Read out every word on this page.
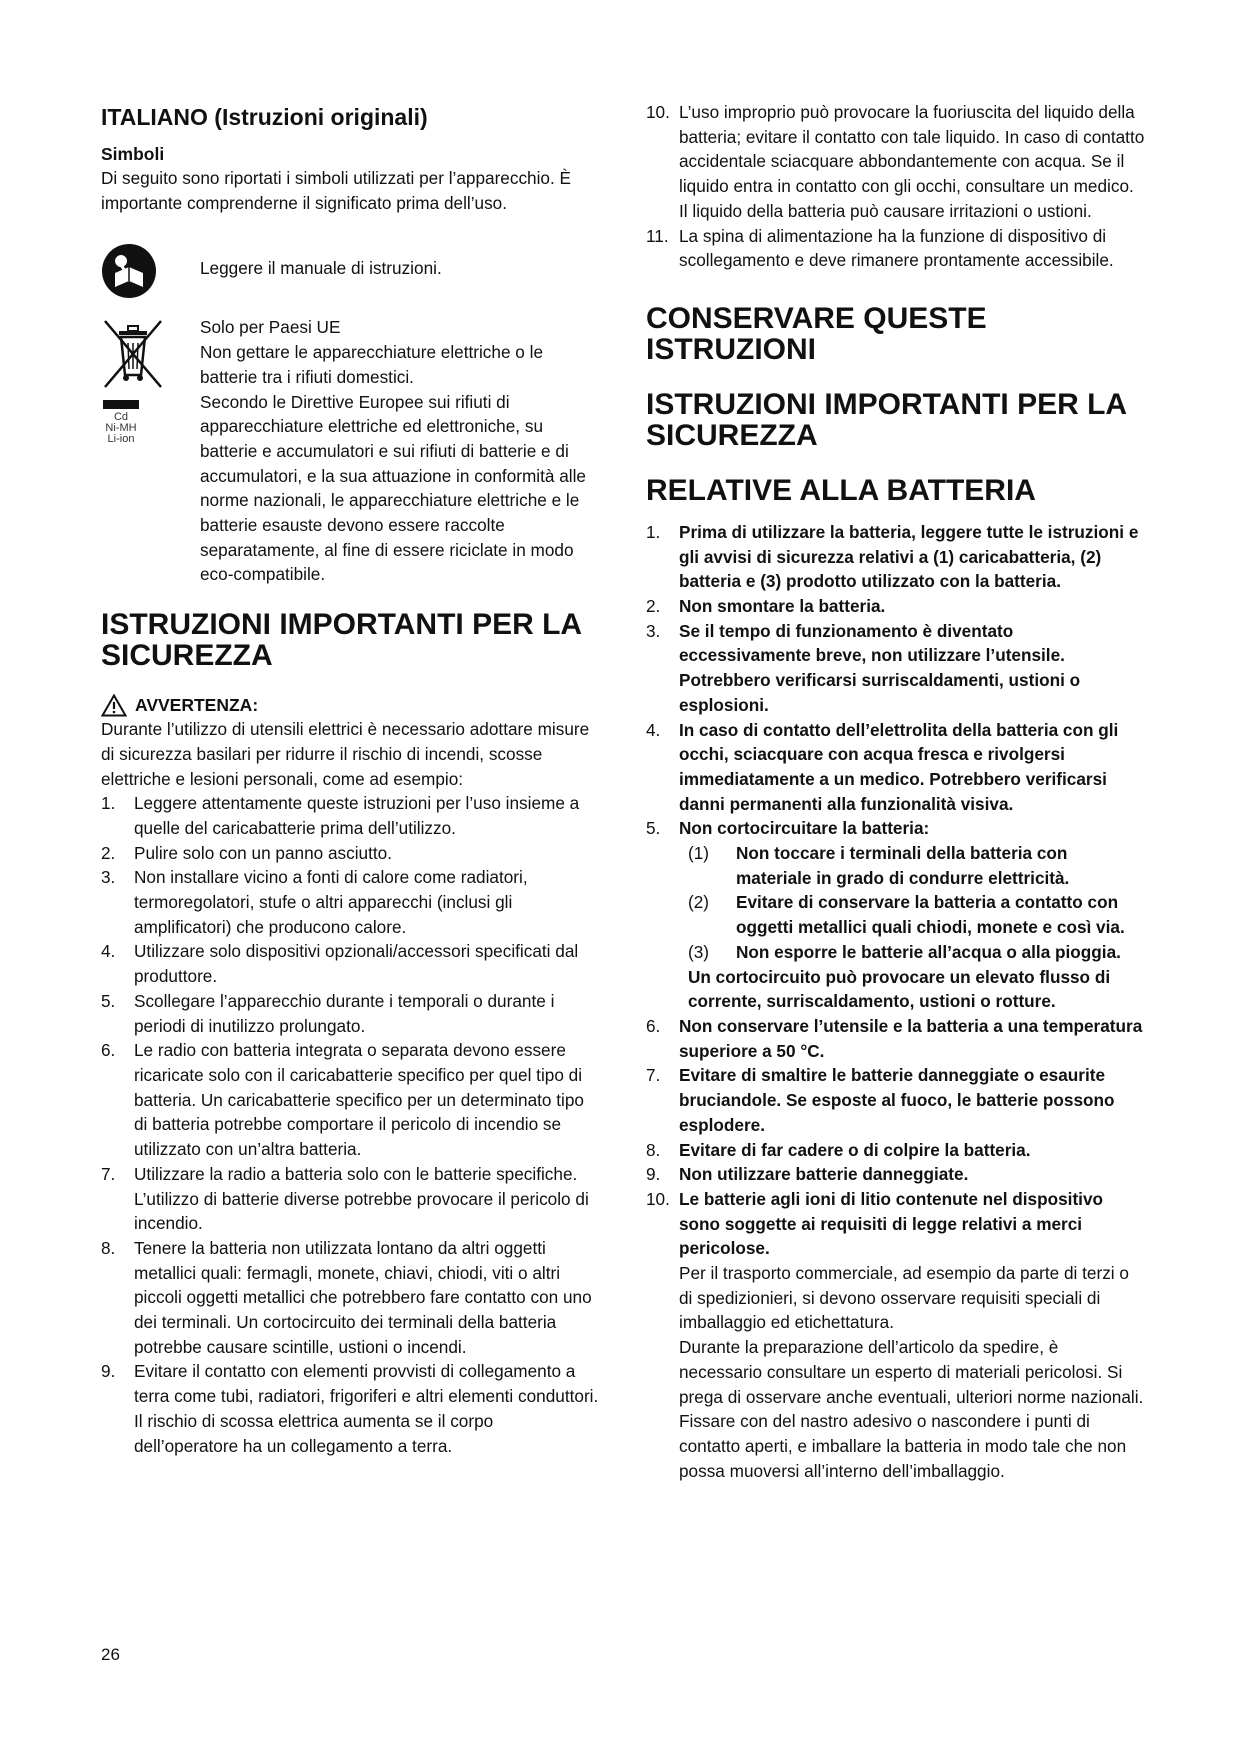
ITALIANO (Istruzioni originali)

Simboli

Di seguito sono riportati i simboli utilizzati per l’apparecchio. È importante comprenderne il significato prima dell’uso.

Leggere il manuale di istruzioni.

Cd
Ni-MH
Li-ion

Solo per Paesi UE

Non gettare le apparecchiature elettriche o le batterie tra i rifiuti domestici.

Secondo le Direttive Europee sui rifiuti di apparecchiature elettriche ed elettroniche, su batterie e accumulatori e sui rifiuti di batterie e di accumulatori, e la sua attuazione in conformità alle norme nazionali, le apparecchiature elettriche e le batterie esauste devono essere raccolte separatamente, al fine di essere riciclate in modo eco-compatibile.

ISTRUZIONI IMPORTANTI PER LA SICUREZZA
AVVERTENZA:

Durante l’utilizzo di utensili elettrici è necessario adottare misure di sicurezza basilari per ridurre il rischio di incendi, scosse elettriche e lesioni personali, come ad esempio:

1. Leggere attentamente queste istruzioni per l’uso insieme a quelle del caricabatterie prima dell’utilizzo.
2. Pulire solo con un panno asciutto.
3. Non installare vicino a fonti di calore come radiatori, termoregolatori, stufe o altri apparecchi (inclusi gli amplificatori) che producono calore.
4. Utilizzare solo dispositivi opzionali/accessori specificati dal produttore.
5. Scollegare l’apparecchio durante i temporali o durante i periodi di inutilizzo prolungato.
6. Le radio con batteria integrata o separata devono essere ricaricate solo con il caricabatterie specifico per quel tipo di batteria. Un caricabatterie specifico per un determinato tipo di batteria potrebbe comportare il pericolo di incendio se utilizzato con un’altra batteria.
7. Utilizzare la radio a batteria solo con le batterie specifiche. L’utilizzo di batterie diverse potrebbe provocare il pericolo di incendio.
8. Tenere la batteria non utilizzata lontano da altri oggetti metallici quali: fermagli, monete, chiavi, chiodi, viti o altri piccoli oggetti metallici che potrebbero fare contatto con uno dei terminali. Un cortocircuito dei terminali della batteria potrebbe causare scintille, ustioni o incendi.
9. Evitare il contatto con elementi provvisti di collegamento a terra come tubi, radiatori, frigoriferi e altri elementi conduttori. Il rischio di scossa elettrica aumenta se il corpo dell’operatore ha un collegamento a terra.
10. L’uso improprio può provocare la fuoriuscita del liquido della batteria; evitare il contatto con tale liquido. In caso di contatto accidentale sciacquare abbondantemente con acqua. Se il liquido entra in contatto con gli occhi, consultare un medico. Il liquido della batteria può causare irritazioni o ustioni.
11. La spina di alimentazione ha la funzione di dispositivo di scollegamento e deve rimanere prontamente accessibile.
CONSERVARE QUESTE ISTRUZIONI
ISTRUZIONI IMPORTANTI PER LA SICUREZZA
RELATIVE ALLA BATTERIA
1. Prima di utilizzare la batteria, leggere tutte le istruzioni e gli avvisi di sicurezza relativi a (1) caricabatteria, (2) batteria e (3) prodotto utilizzato con la batteria.
2. Non smontare la batteria.
3. Se il tempo di funzionamento è diventato eccessivamente breve, non utilizzare l’utensile. Potrebbero verificarsi surriscaldamenti, ustioni o esplosioni.
4. In caso di contatto dell’elettrolita della batteria con gli occhi, sciacquare con acqua fresca e rivolgersi immediatamente a un medico. Potrebbero verificarsi danni permanenti alla funzionalità visiva.
5. Non cortocircuitare la batteria:
(1) Non toccare i terminali della batteria con materiale in grado di condurre elettricità.
(2) Evitare di conservare la batteria a contatto con oggetti metallici quali chiodi, monete e così via.
(3) Non esporre le batterie all’acqua o alla pioggia.
Un cortocircuito può provocare un elevato flusso di corrente, surriscaldamento, ustioni o rotture.
6. Non conservare l’utensile e la batteria a una temperatura superiore a 50 °C.
7. Evitare di smaltire le batterie danneggiate o esaurite bruciandole. Se esposte al fuoco, le batterie possono esplodere.
8. Evitare di far cadere o di colpire la batteria.
9. Non utilizzare batterie danneggiate.
10. Le batterie agli ioni di litio contenute nel dispositivo sono soggette ai requisiti di legge relativi a merci pericolose.
Per il trasporto commerciale, ad esempio da parte di terzi o di spedizionieri, si devono osservare requisiti speciali di imballaggio ed etichettatura.
Durante la preparazione dell’articolo da spedire, è necessario consultare un esperto di materiali pericolosi. Si prega di osservare anche eventuali, ulteriori norme nazionali.
Fissare con del nastro adesivo o nascondere i punti di contatto aperti, e imballare la batteria in modo tale che non possa muoversi all’interno dell’imballaggio.
26
